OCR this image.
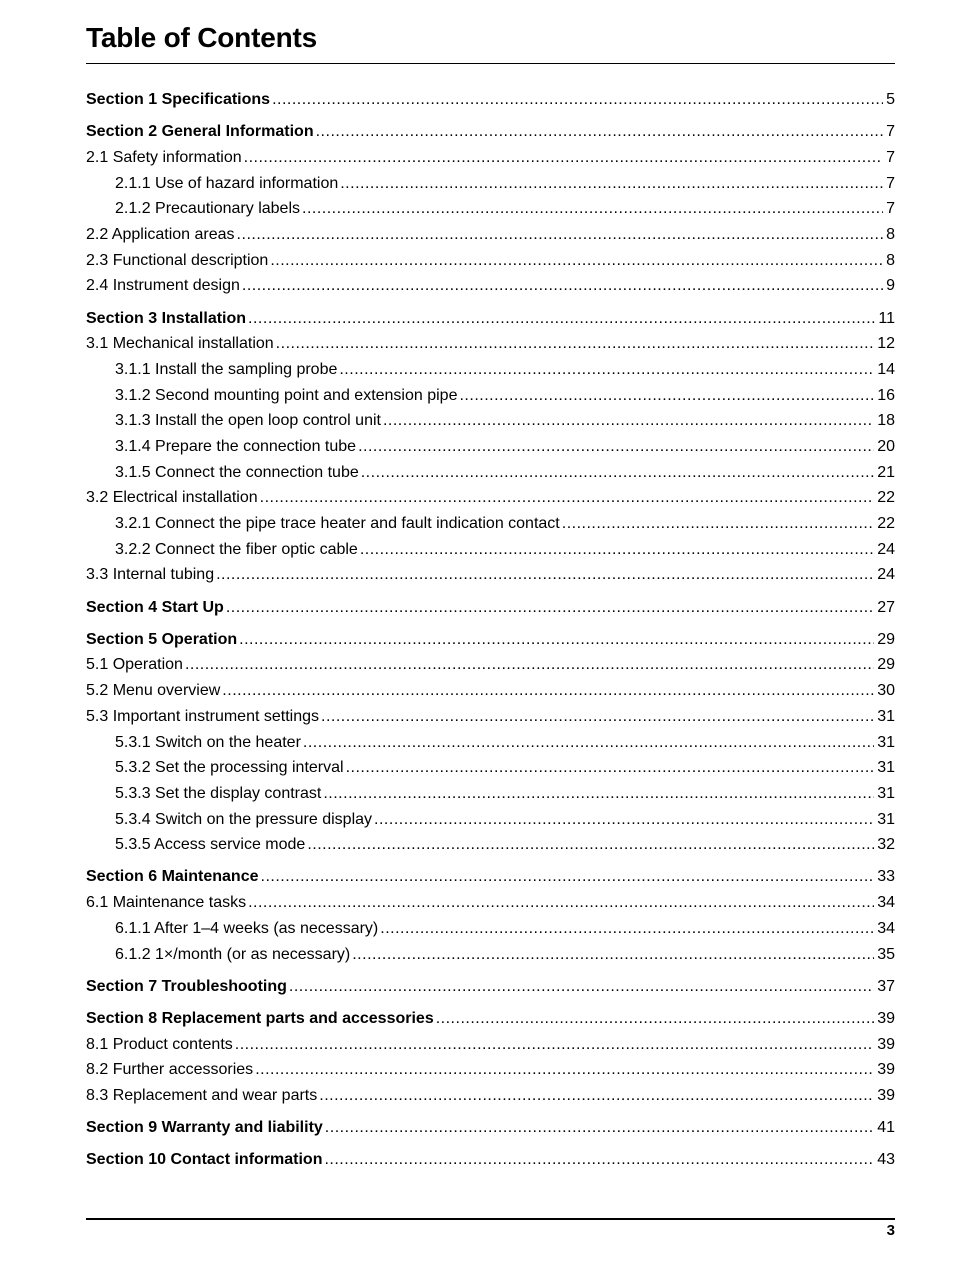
Table of Contents
Section 1 Specifications .....	5
Section 2 General Information .....	7
2.1 Safety information .....	7
2.1.1 Use of hazard information .....	7
2.1.2 Precautionary labels .....	7
2.2 Application areas .....	8
2.3 Functional description .....	8
2.4 Instrument design .....	9
Section 3 Installation .....	11
3.1 Mechanical installation .....	12
3.1.1 Install the sampling probe .....	14
3.1.2 Second mounting point and extension pipe .....	16
3.1.3 Install the open loop control unit .....	18
3.1.4 Prepare the connection tube .....	20
3.1.5 Connect the connection tube .....	21
3.2 Electrical installation .....	22
3.2.1 Connect the pipe trace heater and fault indication contact .....	22
3.2.2 Connect the fiber optic cable .....	24
3.3 Internal tubing .....	24
Section 4 Start Up .....	27
Section 5 Operation .....	29
5.1 Operation .....	29
5.2 Menu overview .....	30
5.3 Important instrument settings .....	31
5.3.1 Switch on the heater .....	31
5.3.2 Set the processing interval .....	31
5.3.3 Set the display contrast .....	31
5.3.4 Switch on the pressure display .....	31
5.3.5 Access service mode .....	32
Section 6 Maintenance .....	33
6.1 Maintenance tasks .....	34
6.1.1 After 1–4 weeks (as necessary) .....	34
6.1.2 1×/month (or as necessary) .....	35
Section 7 Troubleshooting .....	37
Section 8 Replacement parts and accessories .....	39
8.1 Product contents .....	39
8.2 Further accessories .....	39
8.3 Replacement and wear parts .....	39
Section 9 Warranty and liability .....	41
Section 10 Contact information .....	43
3
